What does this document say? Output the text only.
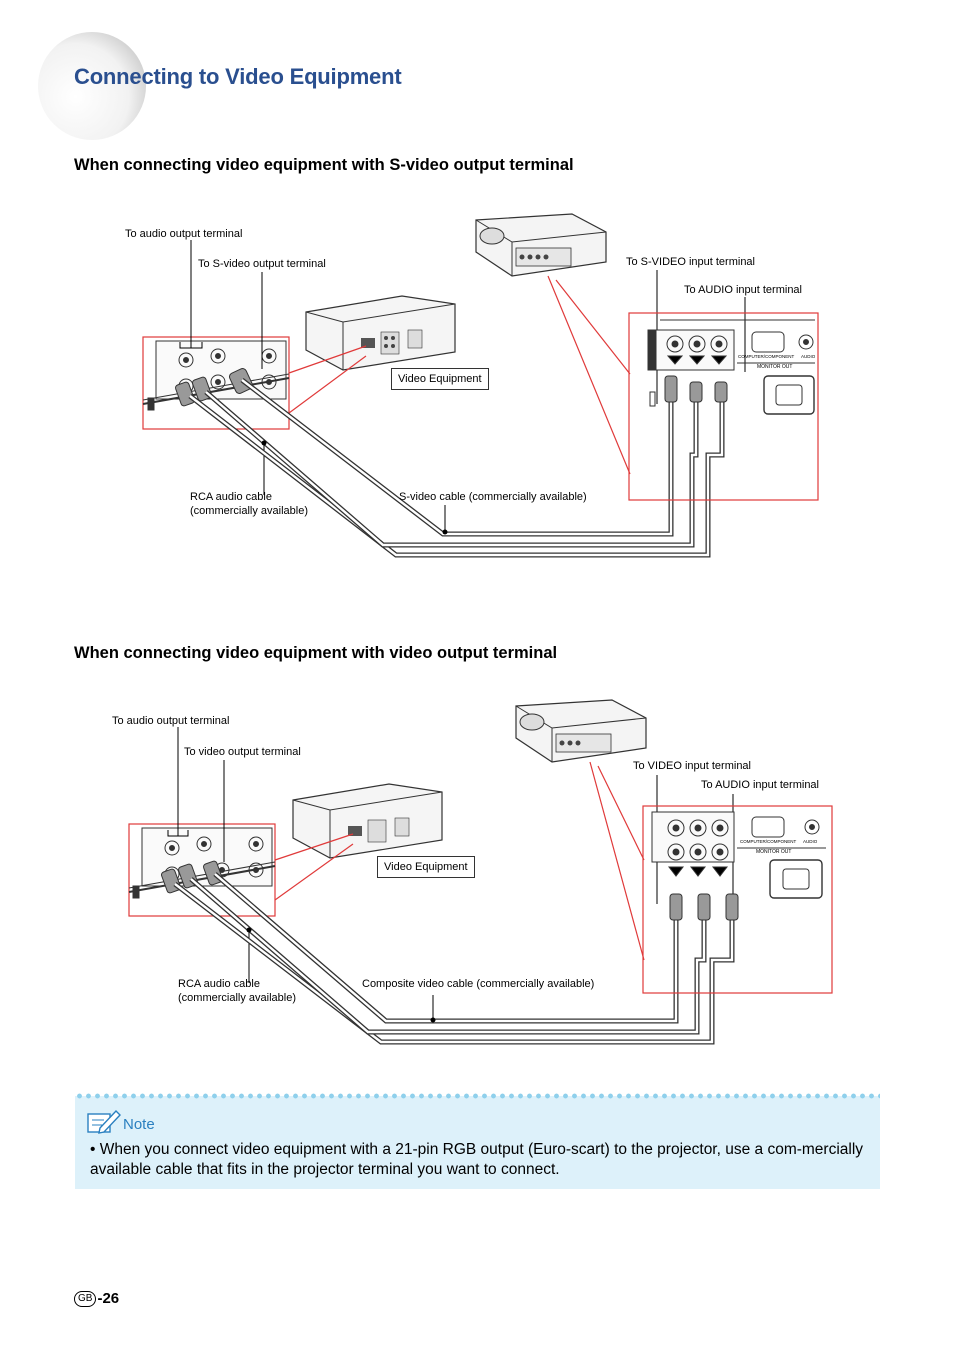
Connecting to Video Equipment
When connecting video equipment with S-video output terminal
MONITOR OUT
COMPUTER/COMPONENT AUDIO
To audio output terminal
To S-video output terminal	To S-VIDEO input terminal
To AUDIO input terminal
Video Equipment
RCA audio cable
(commercially available)
S-video cable (commercially available)
When connecting video equipment with video output terminal
MONITOR OUT
COMPUTER/COMPONENT AUDIO
To audio output terminal
To video output terminal
To VIDEO input terminal
To AUDIO input terminal
Video Equipment
RCA audio cable
(commercially available)
Composite video cable (commercially available)
Note
• When you connect video equipment with a 21-pin RGB output (Euro-scart) to the projector, use a com-mercially available cable that fits in the projector terminal you want to connect.
GB -26
